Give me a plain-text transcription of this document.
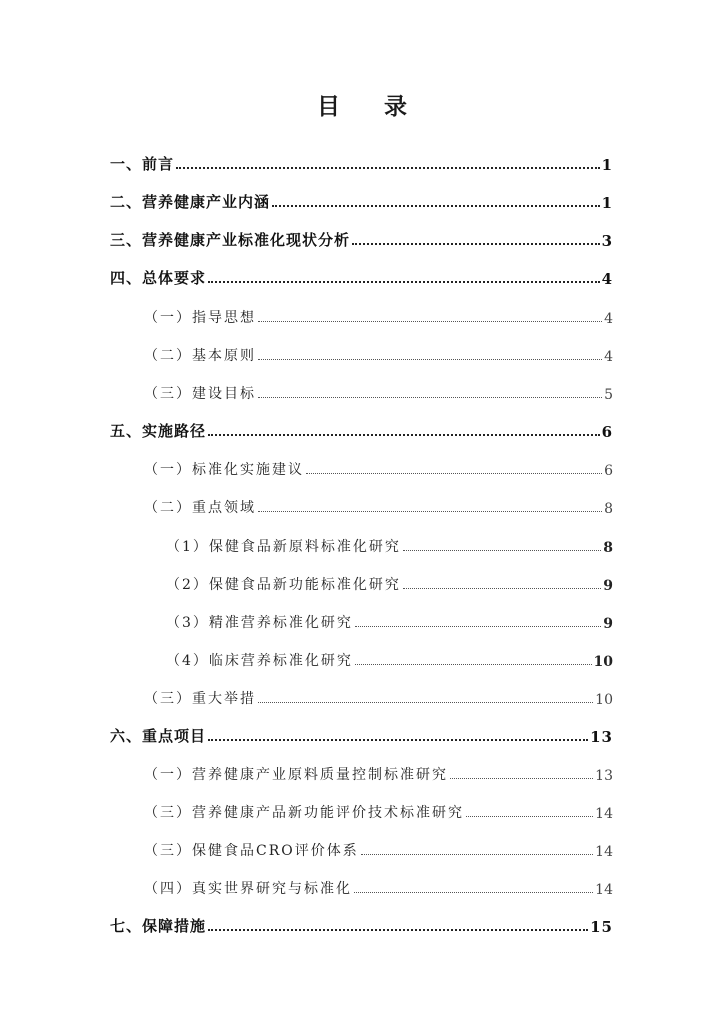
目 录
一、前言	1
二、营养健康产业内涵	1
三、营养健康产业标准化现状分析	3
四、总体要求	4
（一）指导思想	4
（二）基本原则	4
（三）建设目标	5
五、实施路径	6
（一）标准化实施建议	6
（二）重点领域	8
（1）保健食品新原料标准化研究	8
（2）保健食品新功能标准化研究	9
（3）精准营养标准化研究	9
（4）临床营养标准化研究	10
（三）重大举措	10
六、重点项目	13
（一）营养健康产业原料质量控制标准研究	13
（三）营养健康产品新功能评价技术标准研究	14
（三）保健食品CRO评价体系	14
（四）真实世界研究与标准化	14
七、保障措施	15
